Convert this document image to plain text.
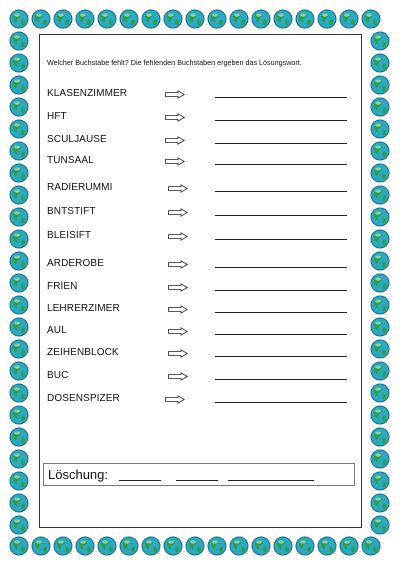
Welcher Buchstabe fehlt? Die fehlenden Buchstaben ergeben das Lösungswort.
KLASENZIMMER
HFT
SCULJAUSE
TUNSAAL
RADIERUMMI
BNTSTIFT
BLEISIFT
ARDEROBE
FRIEN
LEHRERZIMER
AUL
ZEIHENBLOCK
BUC
DOSENSPIZER
Löschung:
